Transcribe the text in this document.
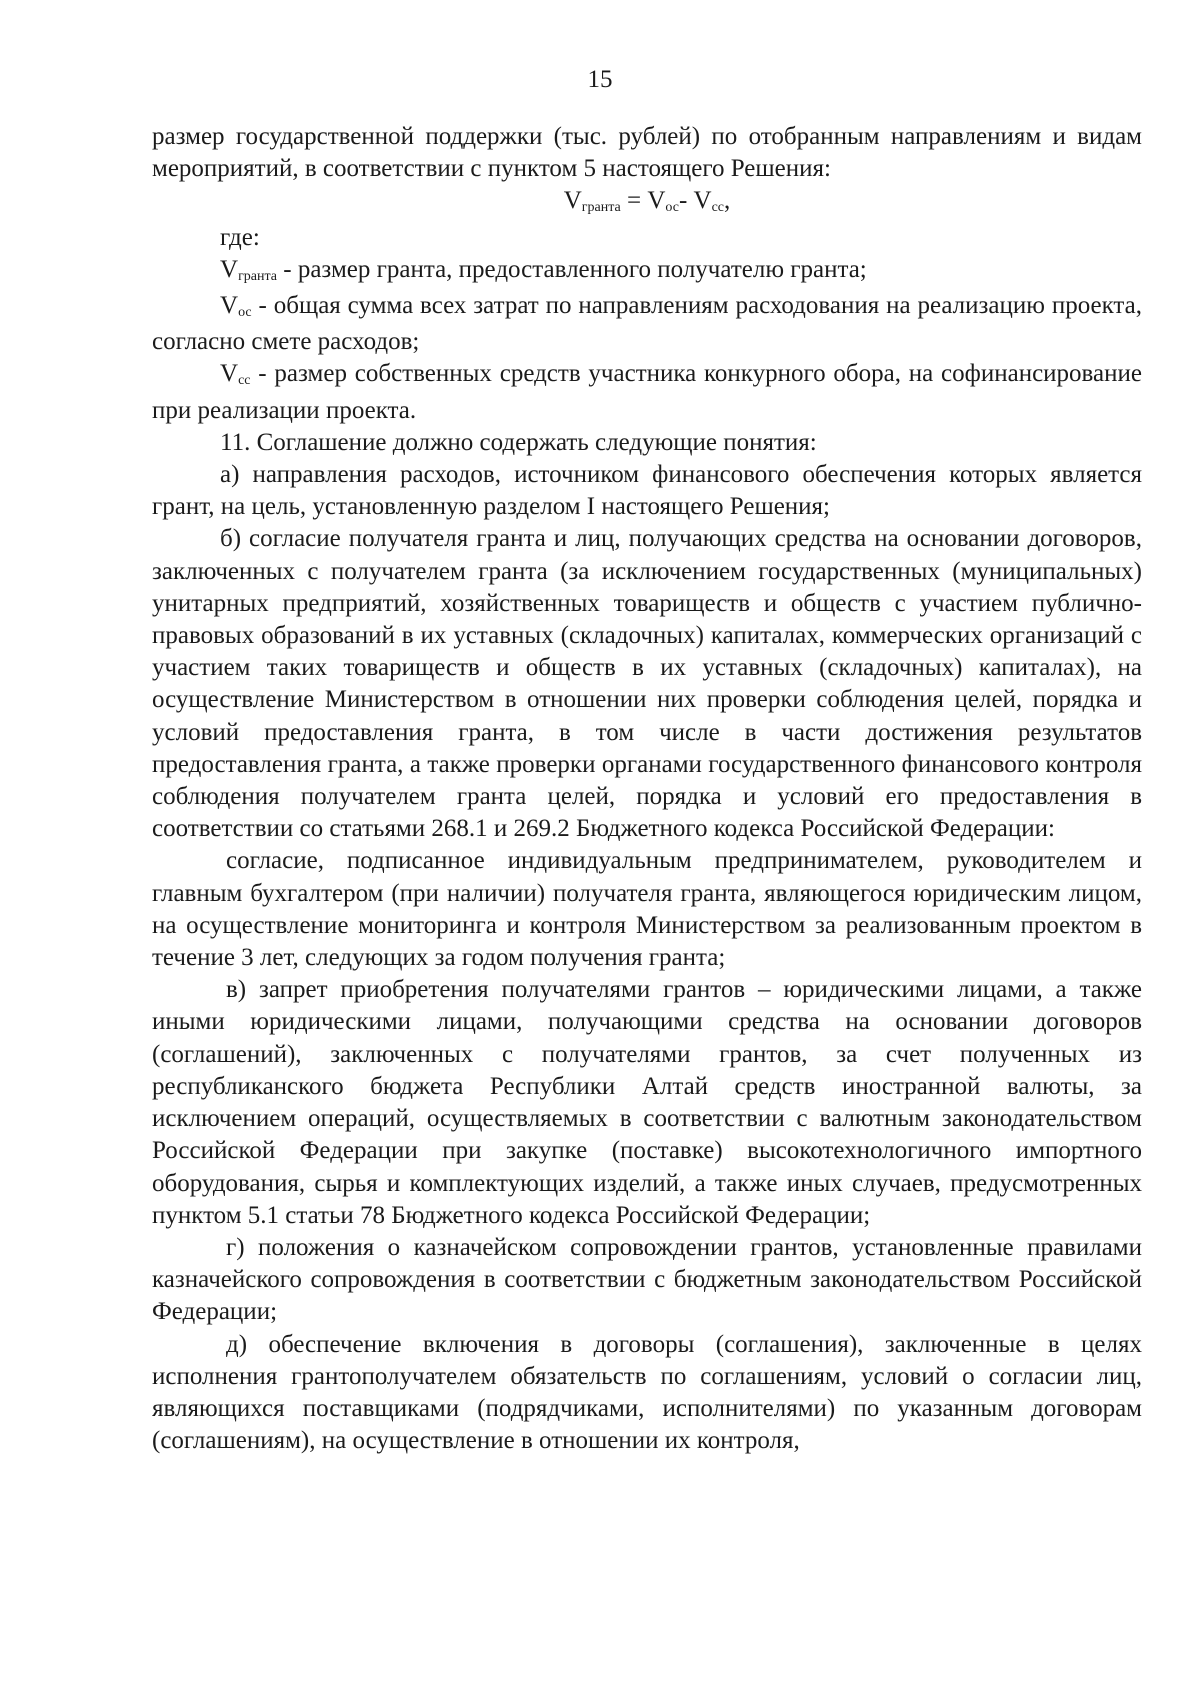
15

размер государственной поддержки (тыс. рублей) по отобранным направлениям и видам мероприятий, в соответствии с пунктом 5 настоящего Решения:

Vгранта = Vос- Vсс,

где:

Vгранта - размер гранта, предоставленного получателю гранта;

Vос - общая сумма всех затрат по направлениям расходования на реализацию проекта, согласно смете расходов;

Vсс - размер собственных средств участника конкурного обора, на софинансирование при реализации проекта.

11. Соглашение должно содержать следующие понятия:

а) направления расходов, источником финансового обеспечения которых является грант, на цель, установленную разделом I настоящего Решения;

б) согласие получателя гранта и лиц, получающих средства на основании договоров, заключенных с получателем гранта (за исключением государственных (муниципальных) унитарных предприятий, хозяйственных товариществ и обществ с участием публично-правовых образований в их уставных (складочных) капиталах, коммерческих организаций с участием таких товариществ и обществ в их уставных (складочных) капиталах), на осуществление Министерством в отношении них проверки соблюдения целей, порядка и условий предоставления гранта, в том числе в части достижения результатов предоставления гранта, а также проверки органами государственного финансового контроля соблюдения получателем гранта целей, порядка и условий его предоставления в соответствии со статьями 268.1 и 269.2 Бюджетного кодекса Российской Федерации:

согласие, подписанное индивидуальным предпринимателем, руководителем и главным бухгалтером (при наличии) получателя гранта, являющегося юридическим лицом, на осуществление мониторинга и контроля Министерством за реализованным проектом в течение 3 лет, следующих за годом получения гранта;

в) запрет приобретения получателями грантов – юридическими лицами, а также иными юридическими лицами, получающими средства на основании договоров (соглашений), заключенных с получателями грантов, за счет полученных из республиканского бюджета Республики Алтай средств иностранной валюты, за исключением операций, осуществляемых в соответствии с валютным законодательством Российской Федерации при закупке (поставке) высокотехнологичного импортного оборудования, сырья и комплектующих изделий, а также иных случаев, предусмотренных пунктом 5.1 статьи 78 Бюджетного кодекса Российской Федерации;

г) положения о казначейском сопровождении грантов, установленные правилами казначейского сопровождения в соответствии с бюджетным законодательством Российской Федерации;

д) обеспечение включения в договоры (соглашения), заключенные в целях исполнения грантополучателем обязательств по соглашениям, условий о согласии лиц, являющихся поставщиками (подрядчиками, исполнителями) по указанным договорам (соглашениям), на осуществление в отношении их контроля,
